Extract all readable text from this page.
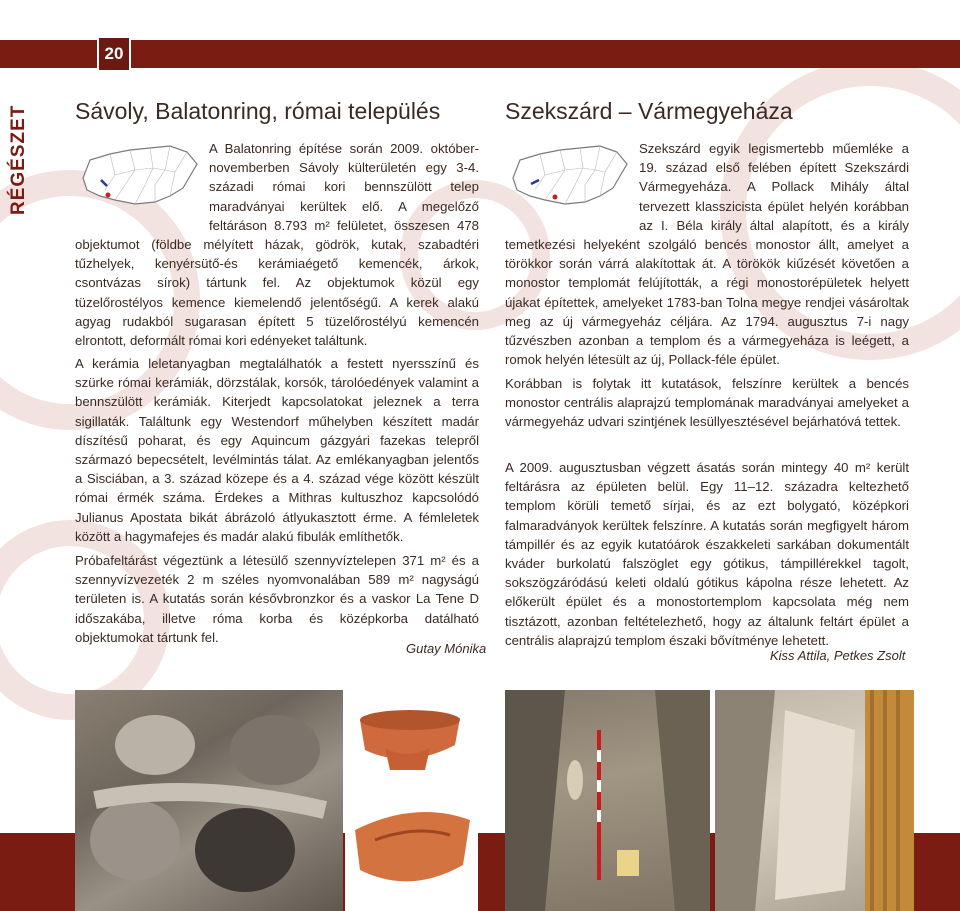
20
RÉGÉSZET Sávoly, Balatonring, római település

A Balatonring építése során 2009. október-novemberben Sávoly külterületén egy 3-4. századi római kori bennszülött telep maradványai kerültek elő. A megelőző feltáráson 8.793 m² felületet, összesen 478 objektumot (földbe mélyített házak, gödrök, kutak, szabadtéri tűzhelyek, kenyérsütő-és kerámiaégető kemencék, árkok, csontvázas sírok) tártunk fel. Az objektumok közül egy tüzelőrostélyos kemence kiemelendő jelentőségű. A kerek alakú agyag rudakból sugarasan épített 5 tüzelőrostélyú kemencén elrontott, deformált római kori edényeket találtunk.

A kerámia leletanyagban megtalálhatók a festett nyersszínű és szürke római kerámiák, dörzstálak, korsók, tárolóedények valamint a bennszülött kerámiák. Kiterjedt kapcsolatokat jeleznek a terra sigillaták. Találtunk egy Westendorf műhelyben készített madár díszítésű poharat, és egy Aquincum gázgyári fazekas telepről származó bepecsételt, levélmintás tálat. Az emlékanyagban jelentős a Sisciában, a 3. század közepe és a 4. század vége között készült római érmék száma. Érdekes a Mithras kultuszhoz kapcsolódó Julianus Apostata bikát ábrázoló átlyukasztott érme. A fémleletek között a hagymafejes és madár alakú fibulák említhetők.

Próbafeltárást végeztünk a létesülő szennyvíztelepen 371 m² és a szennyvízvezeték 2 m széles nyomvonalában 589 m² nagyságú területen is. A kutatás során késővbronzkor és a vaskor La Tene D időszakába, illetve róma korba és középkorba datálható objektumokat tártunk fel.

Gutay Mónika
Szekszárd – Vármegyeháza

Szekszárd egyik legismertebb műemléke a 19. század első felében épített Szekszárdi Vármegyeháza. A Pollack Mihály által tervezett klasszicista épület helyén korábban az I. Béla király által alapított, és a király temetkezési helyeként szolgáló bencés monostor állt, amelyet a törökkor során várrá alakítottak át. A törökök kiűzését követően a monostor templomát felújították, a régi monostorépületek helyett újakat építettek, amelyeket 1783-ban Tolna megye rendjei vásároltak meg az új vármegyeház céljára. Az 1794. augusztus 7-i nagy tűzvészben azonban a templom és a vármegyeháza is leégett, a romok helyén létesült az új, Pollack-féle épület.

Korábban is folytak itt kutatások, felszínre kerültek a bencés monostor centrális alaprajzú templomának maradványai amelyeket a vármegyeház udvari szintjének lesüllyesztésével bejárhatóvá tettek.

A 2009. augusztusban végzett ásatás során mintegy 40 m² került feltárásra az épületen belül. Egy 11–12. századra keltezhető templom körüli temető sírjai, és az ezt bolygató, középkori falmaradványok kerültek felszínre. A kutatás során megfigyelt három támpillér és az egyik kutatóárok északkeleti sarkában dokumentált kváder burkolatú falszöglet egy gótikus, támpillérekkel tagolt, sokszögzáródású keleti oldalú gótikus kápolna része lehetett. Az előkerült épület és a monostortemplom kapcsolata még nem tisztázott, azonban feltételezhető, hogy az általunk feltárt épület a centrális alaprajzú templom északi bővítménye lehetett.

Kiss Attila, Petkes Zsolt
